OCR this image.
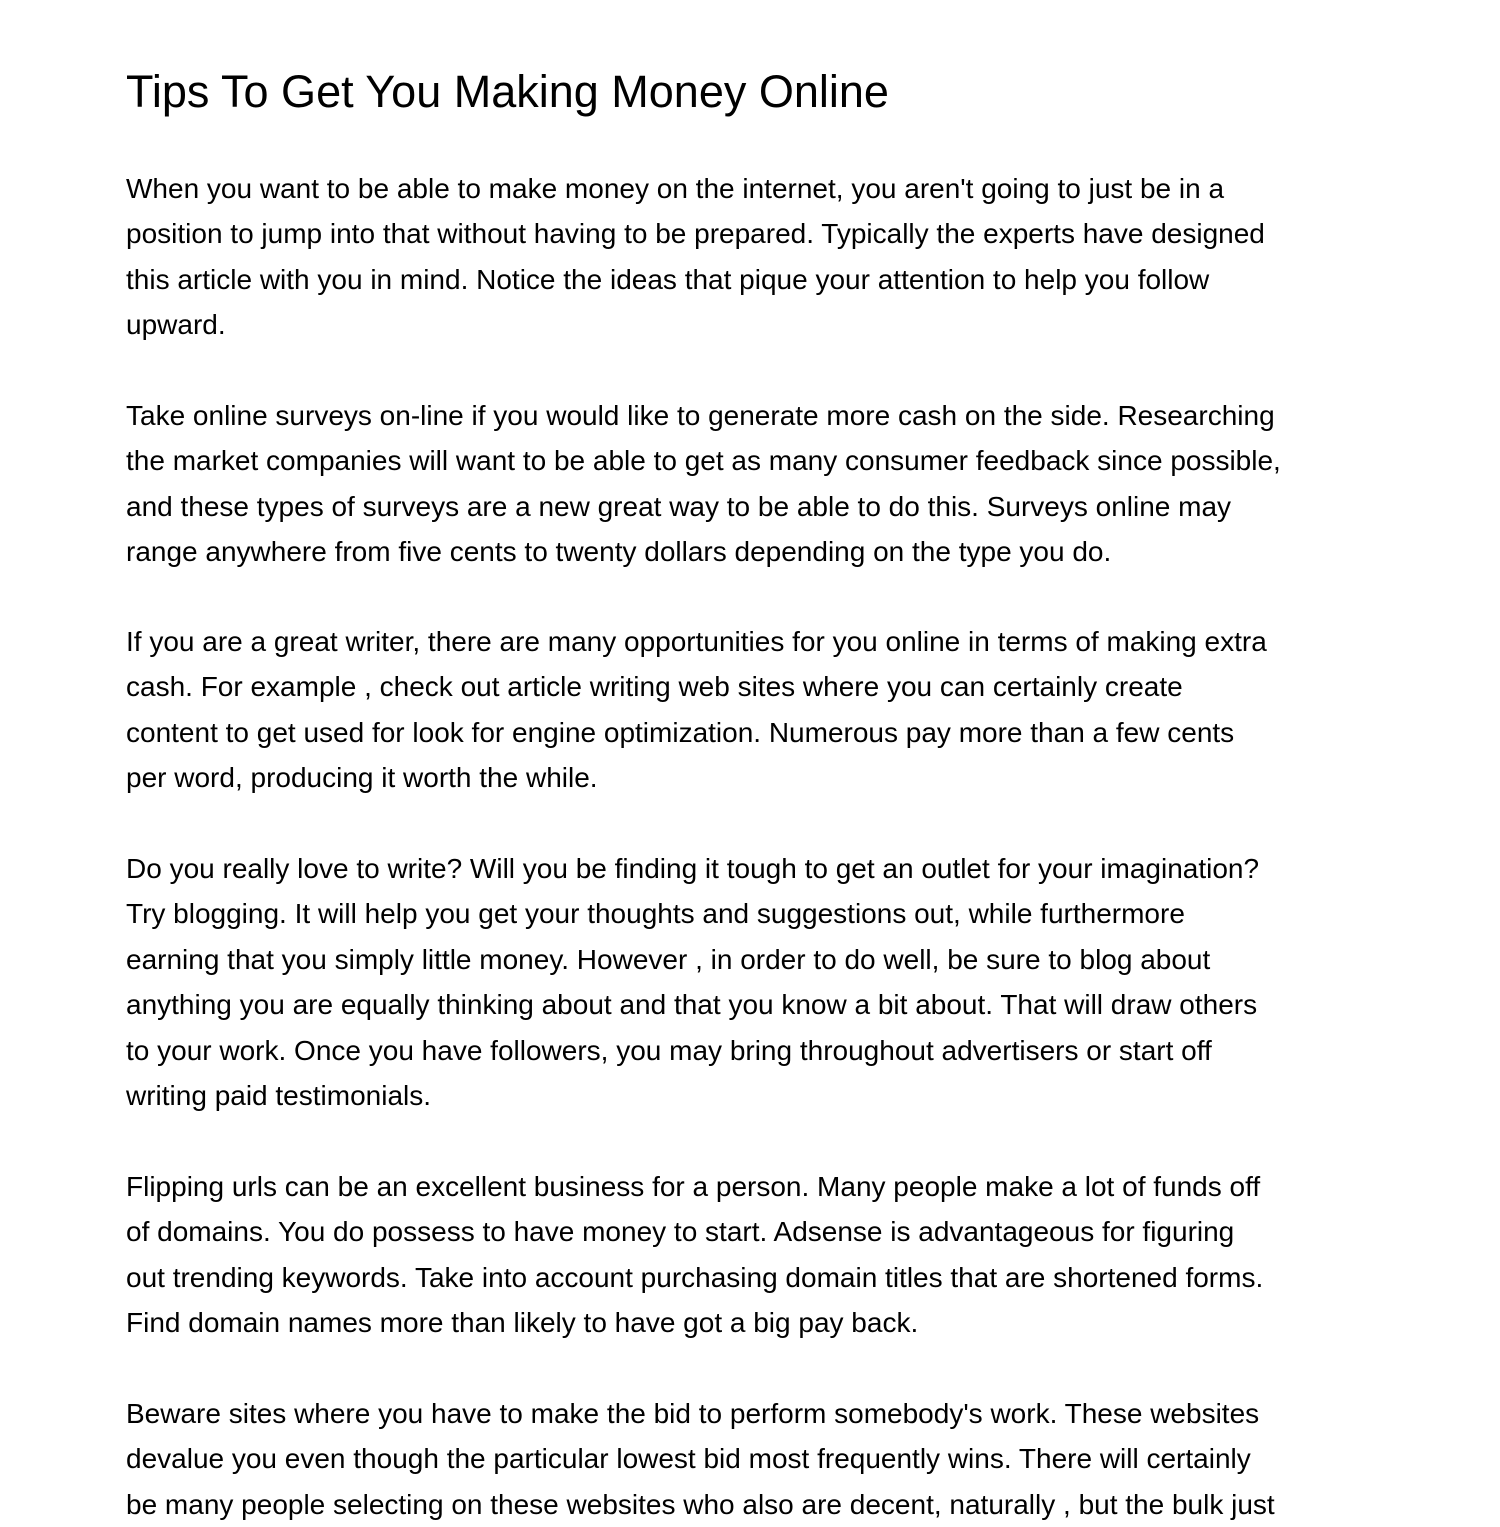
Tips To Get You Making Money Online

When you want to be able to make money on the internet, you aren't going to just be in a
position to jump into that without having to be prepared. Typically the experts have designed
this article with you in mind. Notice the ideas that pique your attention to help you follow
upward.

Take online surveys on-line if you would like to generate more cash on the side. Researching
the market companies will want to be able to get as many consumer feedback since possible,
and these types of surveys are a new great way to be able to do this. Surveys online may
range anywhere from five cents to twenty dollars depending on the type you do.

If you are a great writer, there are many opportunities for you online in terms of making extra
cash. For example , check out article writing web sites where you can certainly create
content to get used for look for engine optimization. Numerous pay more than a few cents
per word, producing it worth the while.

Do you really love to write? Will you be finding it tough to get an outlet for your imagination?
Try blogging. It will help you get your thoughts and suggestions out, while furthermore
earning that you simply little money. However , in order to do well, be sure to blog about
anything you are equally thinking about and that you know a bit about. That will draw others
to your work. Once you have followers, you may bring throughout advertisers or start off
writing paid testimonials.

Flipping urls can be an excellent business for a person. Many people make a lot of funds off
of domains. You do possess to have money to start. Adsense is advantageous for figuring
out trending keywords. Take into account purchasing domain titles that are shortened forms.
Find domain names more than likely to have got a big pay back.

Beware sites where you have to make the bid to perform somebody's work. These websites
devalue you even though the particular lowest bid most frequently wins. There will certainly
be many people selecting on these websites who also are decent, naturally , but the bulk just
